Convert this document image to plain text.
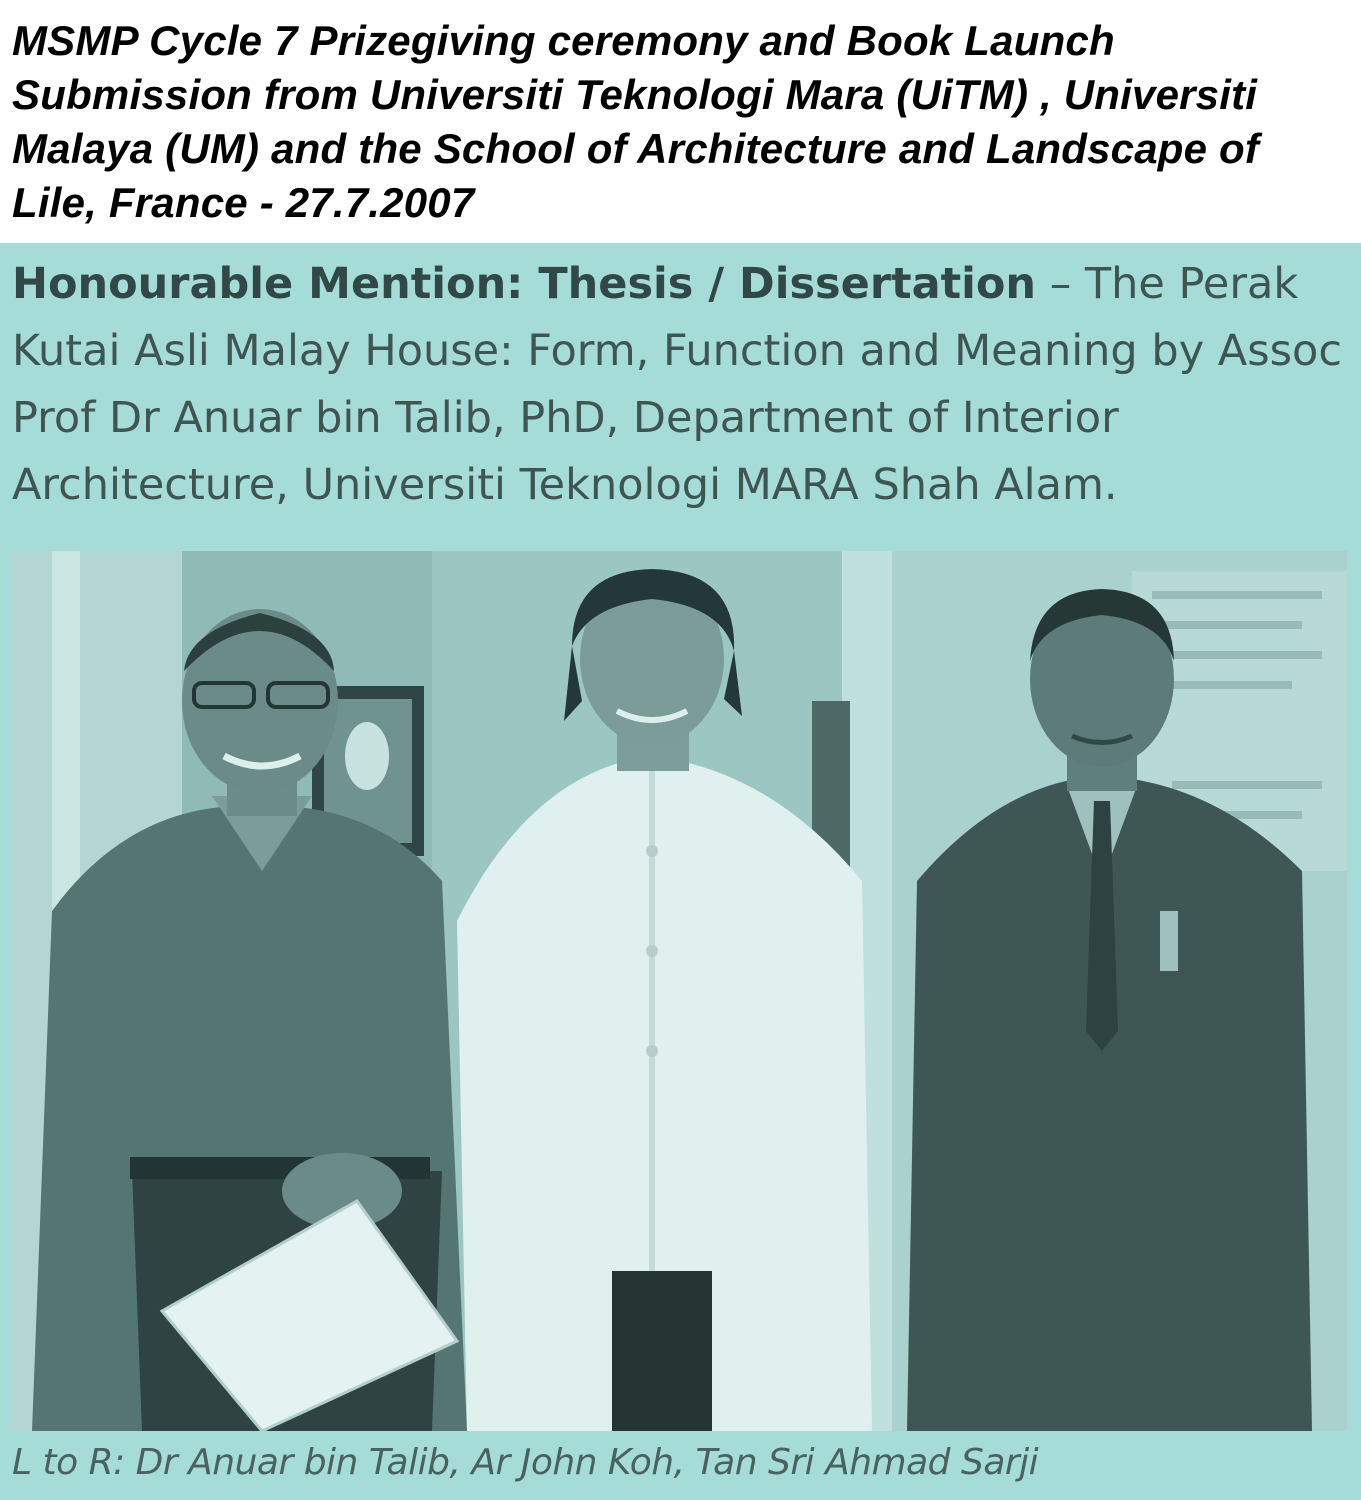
MSMP Cycle 7 Prizegiving ceremony and Book Launch Submission from Universiti Teknologi Mara (UiTM) , Universiti Malaya (UM) and the School of Architecture and Landscape of Lile, France - 27.7.2007

Honourable Mention: Thesis / Dissertation – The Perak Kutai Asli Malay House: Form, Function and Meaning by Assoc Prof Dr Anuar bin Talib, PhD, Department of Interior Architecture, Universiti Teknologi MARA Shah Alam.

L to R: Dr Anuar bin Talib, Ar John Koh, Tan Sri Ahmad Sarji
